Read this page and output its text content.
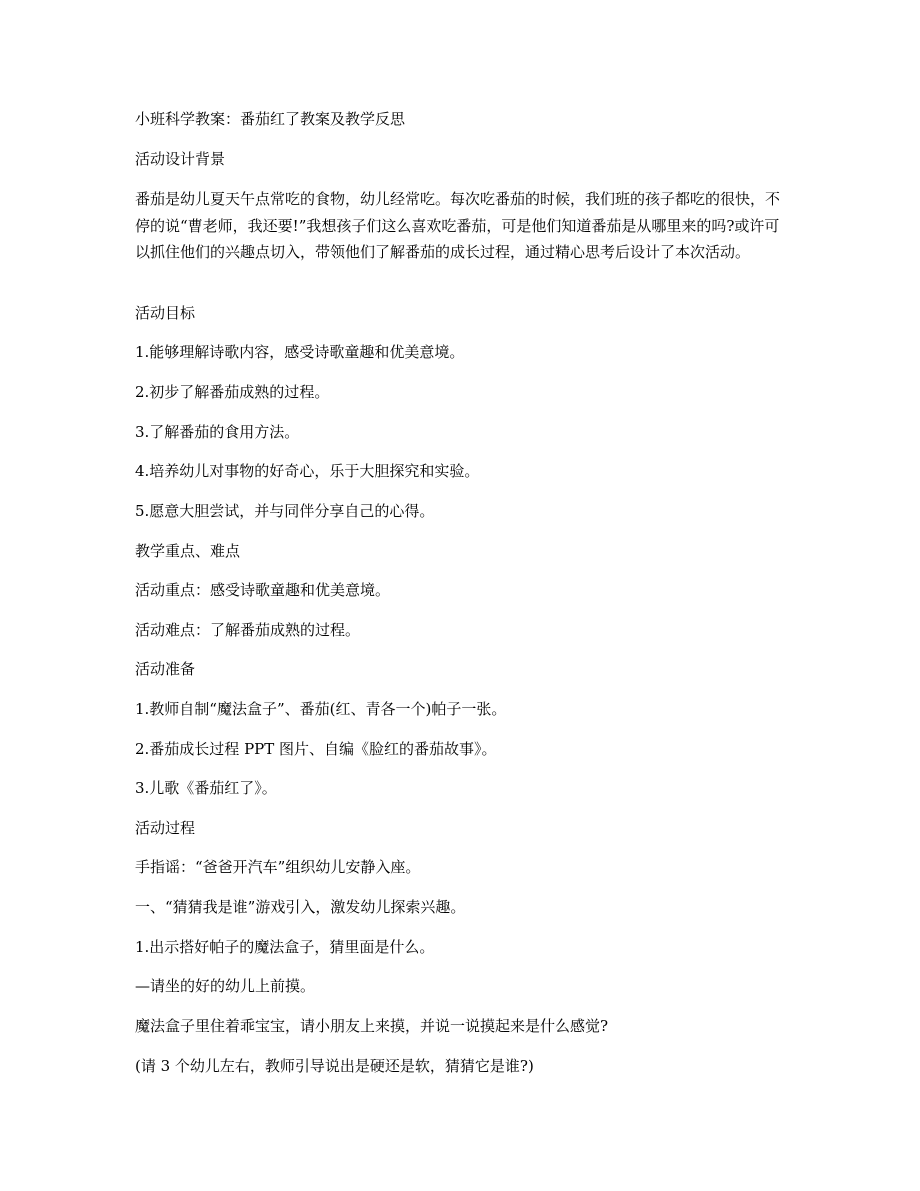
小班科学教案：番茄红了教案及教学反思
活动设计背景
番茄是幼儿夏天午点常吃的食物，幼儿经常吃。每次吃番茄的时候，我们班的孩子都吃的很快，不停的说“曹老师，我还要!”我想孩子们这么喜欢吃番茄，可是他们知道番茄是从哪里来的吗?或许可以抓住他们的兴趣点切入，带领他们了解番茄的成长过程，通过精心思考后设计了本次活动。
活动目标
1.能够理解诗歌内容，感受诗歌童趣和优美意境。
2.初步了解番茄成熟的过程。
3.了解番茄的食用方法。
4.培养幼儿对事物的好奇心，乐于大胆探究和实验。
5.愿意大胆尝试，并与同伴分享自己的心得。
教学重点、难点
活动重点：感受诗歌童趣和优美意境。
活动难点：了解番茄成熟的过程。
活动准备
1.教师自制“魔法盒子”、番茄(红、青各一个)帕子一张。
2.番茄成长过程 PPT 图片、自编《脸红的番茄故事》。
3.儿歌《番茄红了》。
活动过程
手指谣：“爸爸开汽车”组织幼儿安静入座。
一、“猜猜我是谁”游戏引入，激发幼儿探索兴趣。
1.出示搭好帕子的魔法盒子，猜里面是什么。
—请坐的好的幼儿上前摸。
魔法盒子里住着乖宝宝，请小朋友上来摸，并说一说摸起来是什么感觉?
(请 3 个幼儿左右，教师引导说出是硬还是软，猜猜它是谁?)
